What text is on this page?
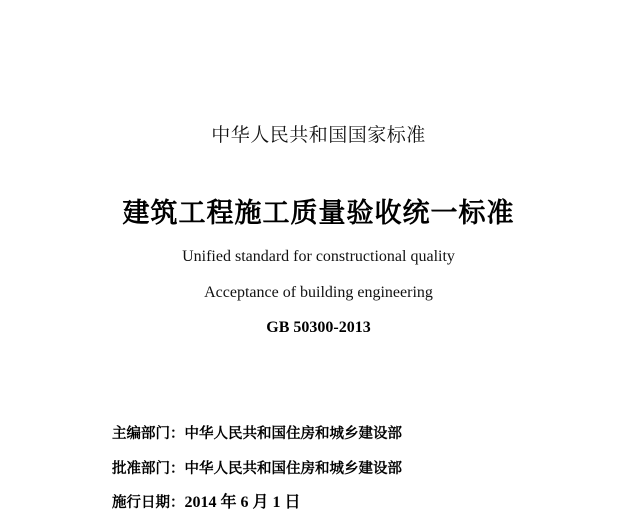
中华人民共和国国家标准
建筑工程施工质量验收统一标准
Unified standard for constructional quality
Acceptance of building engineering
GB 50300-2013
主编部门：中华人民共和国住房和城乡建设部
批准部门：中华人民共和国住房和城乡建设部
施行日期：2014 年 6 月 1 日
